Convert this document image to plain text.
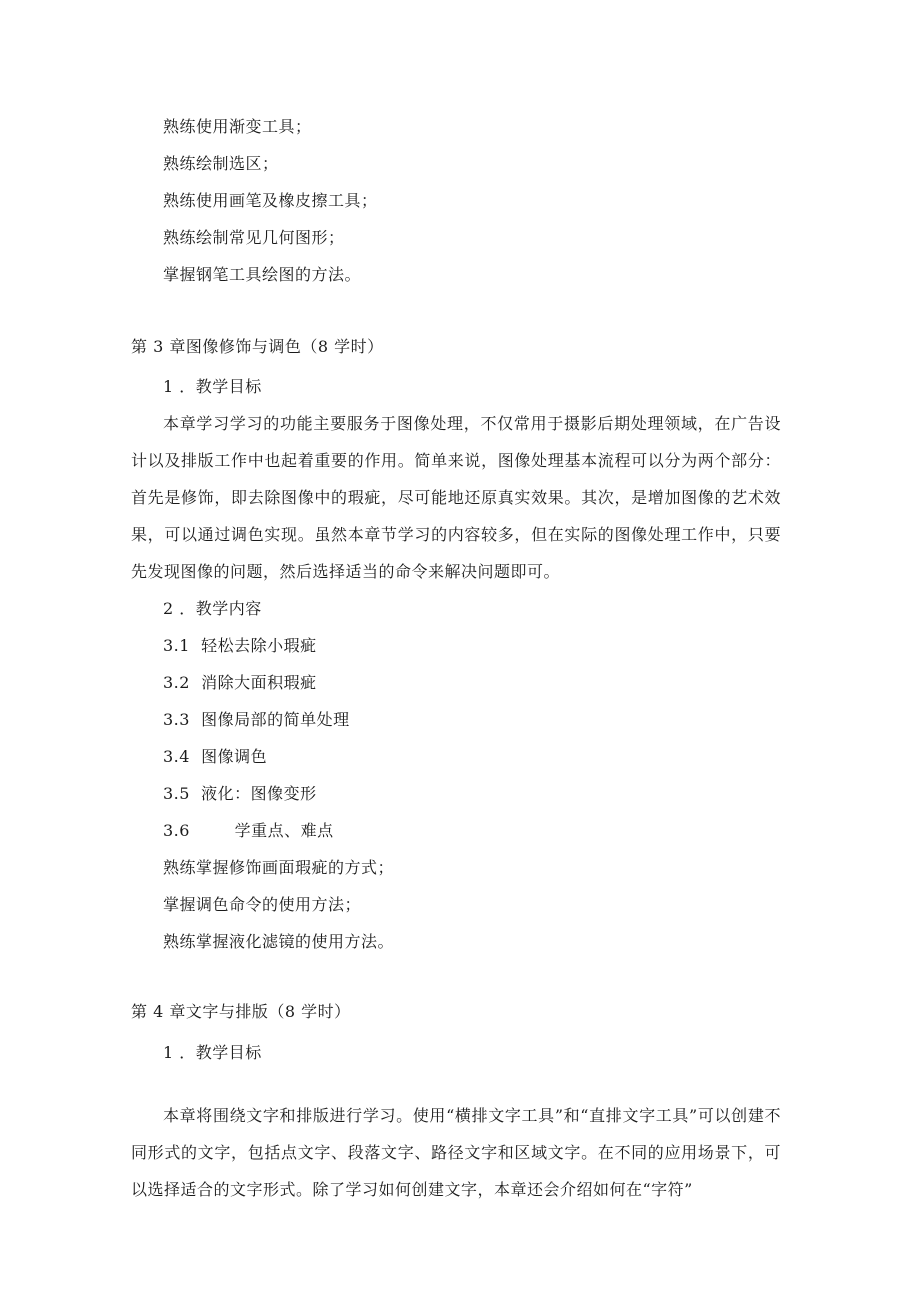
熟练使用渐变工具；
熟练绘制选区；
熟练使用画笔及橡皮擦工具；
熟练绘制常见几何图形；
掌握钢笔工具绘图的方法。
第 3 章图像修饰与调色（8 学时）
1 ．教学目标
本章学习学习的功能主要服务于图像处理，不仅常用于摄影后期处理领域，在广告设计以及排版工作中也起着重要的作用。简单来说，图像处理基本流程可以分为两个部分：首先是修饰，即去除图像中的瑕疵，尽可能地还原真实效果。其次，是增加图像的艺术效果，可以通过调色实现。虽然本章节学习的内容较多，但在实际的图像处理工作中，只要先发现图像的问题，然后选择适当的命令来解决问题即可。
2 ．教学内容
3.1  轻松去除小瑕疵
3.2  消除大面积瑕疵
3.3  图像局部的简单处理
3.4  图像调色
3.5  液化：图像变形
3.6        学重点、难点
熟练掌握修饰画面瑕疵的方式；
掌握调色命令的使用方法；
熟练掌握液化滤镜的使用方法。
第 4 章文字与排版（8 学时）
1 ．教学目标
本章将围绕文字和排版进行学习。使用“横排文字工具”和“直排文字工具”可以创建不同形式的文字，包括点文字、段落文字、路径文字和区域文字。在不同的应用场景下，可以选择适合的文字形式。除了学习如何创建文字，本章还会介绍如何在“字符”
